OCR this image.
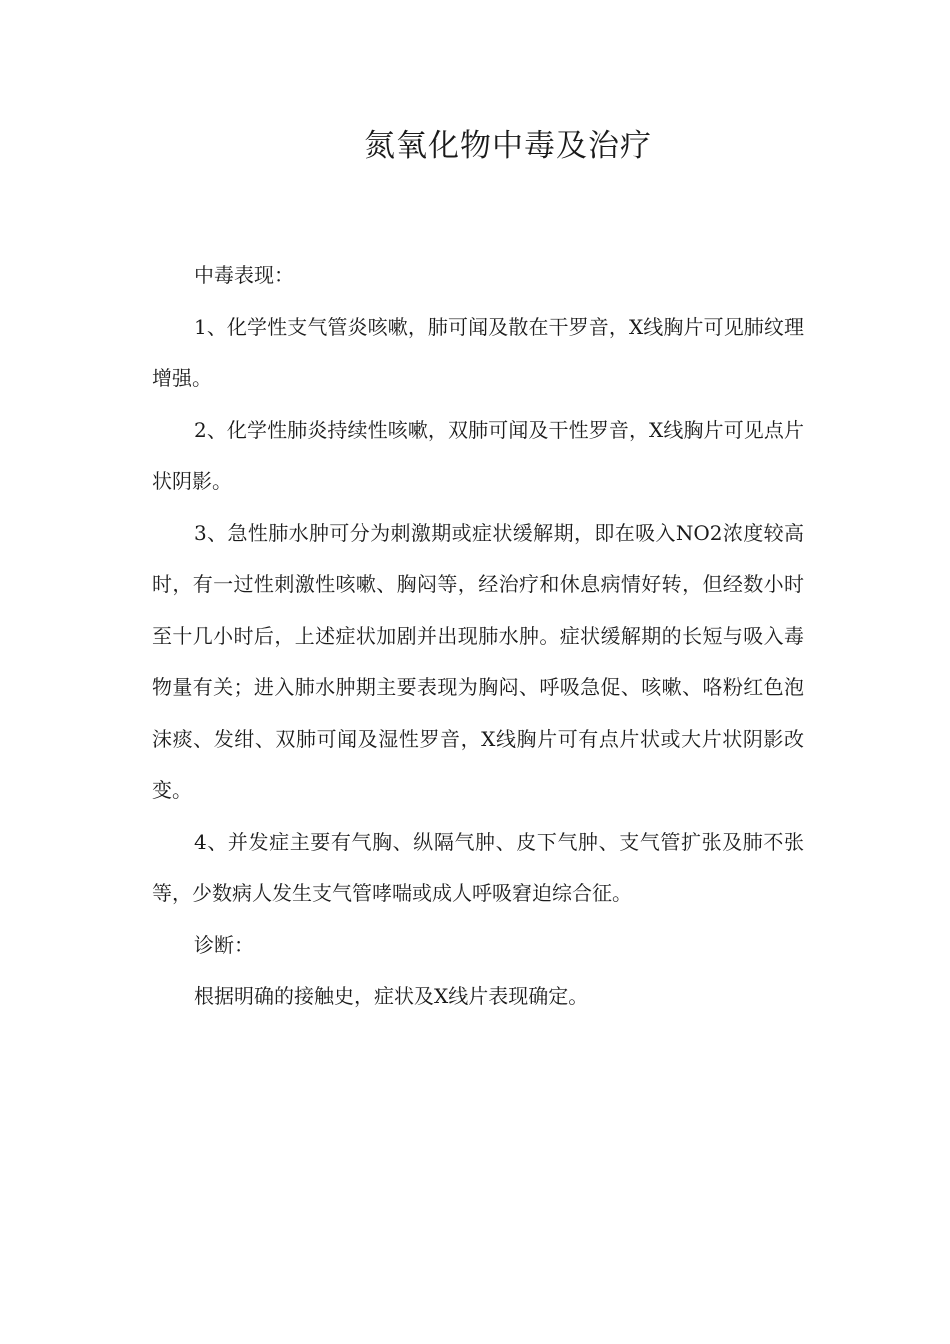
氮氧化物中毒及治疗

中毒表现：

1、化学性支气管炎咳嗽，肺可闻及散在干罗音，X线胸片可见肺纹理增强。

2、化学性肺炎持续性咳嗽，双肺可闻及干性罗音，X线胸片可见点片状阴影。

3、急性肺水肿可分为刺激期或症状缓解期，即在吸入NO2浓度较高时，有一过性刺激性咳嗽、胸闷等，经治疗和休息病情好转，但经数小时至十几小时后，上述症状加剧并出现肺水肿。症状缓解期的长短与吸入毒物量有关；进入肺水肿期主要表现为胸闷、呼吸急促、咳嗽、咯粉红色泡沫痰、发绀、双肺可闻及湿性罗音，X线胸片可有点片状或大片状阴影改变。

4、并发症主要有气胸、纵隔气肿、皮下气肿、支气管扩张及肺不张等，少数病人发生支气管哮喘或成人呼吸窘迫综合征。

诊断：

根据明确的接触史，症状及X线片表现确定。
